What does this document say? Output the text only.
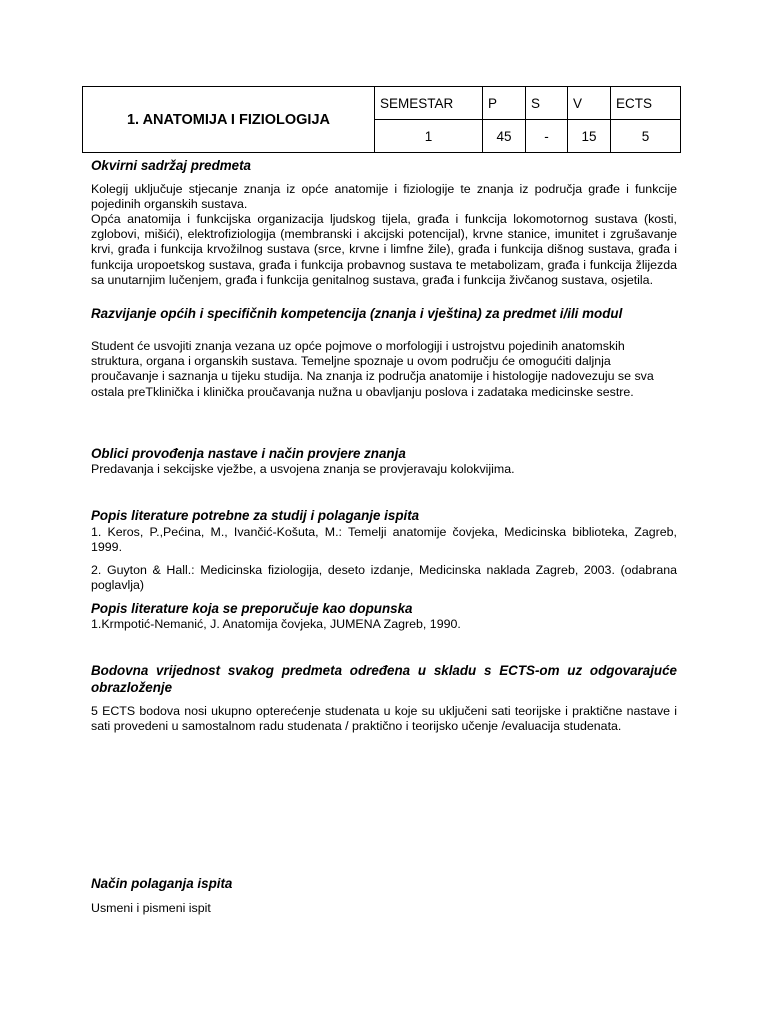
1. ANATOMIJA I FIZIOLOGIJA	SEMESTAR	P	S	V	ECTS
	1	45	-	15	5
Okvirni sadržaj predmeta
Kolegij uključuje stjecanje znanja iz opće anatomije i fiziologije te znanja iz područja građe i funkcije pojedinih organskih sustava.
Opća anatomija i funkcijska organizacija ljudskog tijela, građa i funkcija lokomotornog sustava (kosti, zglobovi, mišići), elektrofiziologija (membranski i akcijski potencijal), krvne stanice, imunitet i zgrušavanje krvi, građa i funkcija krvožilnog sustava (srce, krvne i limfne žile), građa i funkcija dišnog sustava, građa i funkcija uropoetskog sustava, građa i funkcija probavnog sustava te metabolizam, građa i funkcija žlijezda sa unutarnjim lučenjem, građa i funkcija genitalnog sustava, građa i funkcija živčanog sustava, osjetila.
Razvijanje općih i specifičnih kompetencija (znanja i vještina) za predmet i/ili modul
Student će usvojiti znanja vezana uz opće pojmove o morfologiji i ustrojstvu pojedinih anatomskih struktura, organa i organskih sustava. Temeljne spoznaje u ovom području će omogućiti daljnja proučavanje i saznanja u tijeku studija. Na znanja iz područja anatomije i histologije nadovezuju se sva ostala preTklinička i klinička proučavanja nužna u obavljanju poslova i zadataka medicinske sestre.
Oblici provođenja nastave i način provjere znanja
Predavanja i sekcijske vježbe, a usvojena znanja se provjeravaju kolokvijima.
Popis literature potrebne za studij i polaganje ispita
1. Keros, P.,Pećina, M., Ivančić-Košuta, M.: Temelji anatomije čovjeka, Medicinska biblioteka, Zagreb, 1999.
2. Guyton & Hall.: Medicinska fiziologija, deseto izdanje, Medicinska naklada Zagreb, 2003. (odabrana poglavlja)
Popis literature koja se preporučuje kao dopunska
1.Krmpotić-Nemanić, J. Anatomija čovjeka, JUMENA Zagreb, 1990.
Bodovna vrijednost svakog predmeta određena u skladu s ECTS-om uz odgovarajuće obrazloženje
5 ECTS bodova nosi ukupno opterećenje studenata u koje su uključeni sati teorijske i praktične nastave i sati provedeni u samostalnom radu studenata / praktično i teorijsko učenje /evaluacija studenata.
Način polaganja ispita
Usmeni i pismeni ispit
